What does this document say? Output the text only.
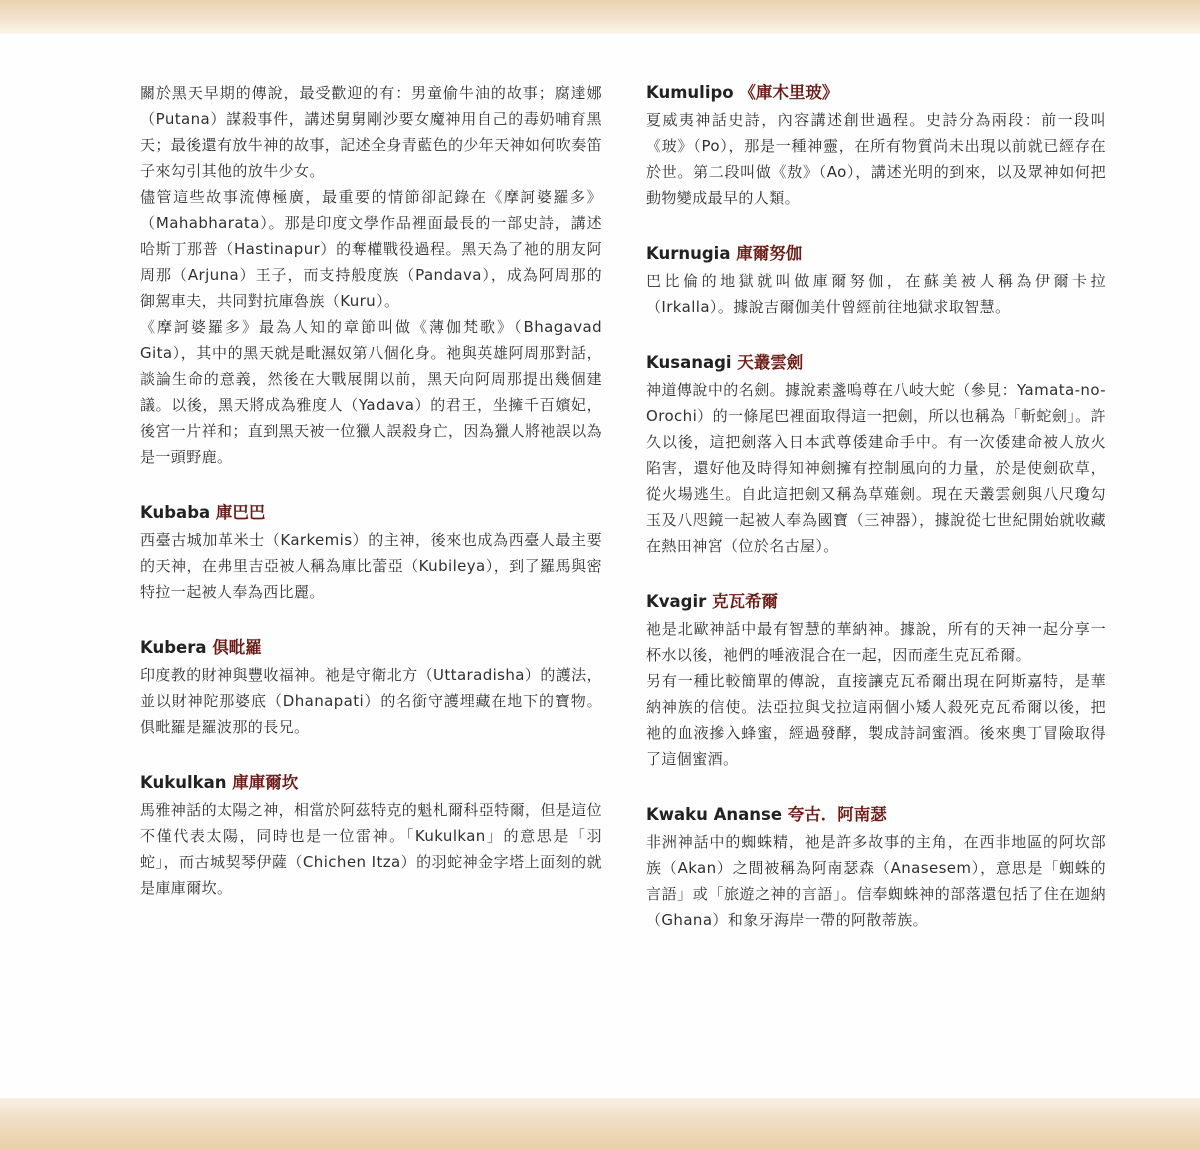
關於黑天早期的傳說，最受歡迎的有：男童偷牛油的故事；腐達娜（Putana）謀殺事件，講述舅舅剛沙要女魔神用自己的毒奶哺育黑天；最後還有放牛神的故事，記述全身青藍色的少年天神如何吹奏笛子來勾引其他的放牛少女。

儘管這些故事流傳極廣，最重要的情節卻記錄在《摩訶婆羅多》（Mahabharata）。那是印度文學作品裡面最長的一部史詩，講述哈斯丁那普（Hastinapur）的奪權戰役過程。黑天為了祂的朋友阿周那（Arjuna）王子，而支持般度族（Pandava），成為阿周那的御駕車夫，共同對抗庫魯族（Kuru）。

《摩訶婆羅多》最為人知的章節叫做《薄伽梵歌》（Bhagavad Gita），其中的黑天就是毗濕奴第八個化身。祂與英雄阿周那對話，談論生命的意義，然後在大戰展開以前，黑天向阿周那提出幾個建議。以後，黑天將成為雅度人（Yadava）的君王，坐擁千百嬪妃，後宮一片祥和；直到黑天被一位獵人誤殺身亡，因為獵人將祂誤以為是一頭野鹿。

Kubaba 庫巴巴

西臺古城加革米士（Karkemis）的主神，後來也成為西臺人最主要的天神，在弗里吉亞被人稱為庫比蕾亞（Kubileya），到了羅馬與密特拉一起被人奉為西比麗。

Kubera 俱毗羅

印度教的財神與豐收福神。祂是守衛北方（Uttaradisha）的護法，並以財神陀那婆底（Dhanapati）的名銜守護埋藏在地下的寶物。俱毗羅是羅波那的長兄。

Kukulkan 庫庫爾坎

馬雅神話的太陽之神，相當於阿茲特克的魁札爾科亞特爾，但是這位不僅代表太陽，同時也是一位雷神。「Kukulkan」的意思是「羽蛇」，而古城契琴伊薩（Chichen Itza）的羽蛇神金字塔上面刻的就是庫庫爾坎。

Kumulipo 《庫木里玻》

夏威夷神話史詩，內容講述創世過程。史詩分為兩段：前一段叫《玻》（Po），那是一種神靈，在所有物質尚未出現以前就已經存在於世。第二段叫做《敖》（Ao），講述光明的到來，以及眾神如何把動物變成最早的人類。

Kurnugia 庫爾努伽

巴比倫的地獄就叫做庫爾努伽，在蘇美被人稱為伊爾卡拉（Irkalla）。據說吉爾伽美什曾經前往地獄求取智慧。

Kusanagi 天叢雲劍

神道傳說中的名劍。據說素盞嗚尊在八岐大蛇（參見：Yamata-no-Orochi）的一條尾巴裡面取得這一把劍，所以也稱為「斬蛇劍」。許久以後，這把劍落入日本武尊倭建命手中。有一次倭建命被人放火陷害，還好他及時得知神劍擁有控制風向的力量，於是使劍砍草，從火場逃生。自此這把劍又稱為草薙劍。現在天叢雲劍與八尺瓊勾玉及八咫鏡一起被人奉為國寶（三神器），據說從七世紀開始就收藏在熱田神宮（位於名古屋）。

Kvagir 克瓦希爾

祂是北歐神話中最有智慧的華納神。據說，所有的天神一起分享一杯水以後，祂們的唾液混合在一起，因而產生克瓦希爾。

另有一種比較簡單的傳說，直接讓克瓦希爾出現在阿斯嘉特，是華納神族的信使。法亞拉與戈拉這兩個小矮人殺死克瓦希爾以後，把祂的血液摻入蜂蜜，經過發酵，製成詩詞蜜酒。後來奧丁冒險取得了這個蜜酒。

Kwaku Ananse 夸古．阿南瑟

非洲神話中的蜘蛛精，祂是許多故事的主角，在西非地區的阿坎部族（Akan）之間被稱為阿南瑟森（Anasesem），意思是「蜘蛛的言語」或「旅遊之神的言語」。信奉蜘蛛神的部落還包括了住在迦納（Ghana）和象牙海岸一帶的阿散蒂族。
